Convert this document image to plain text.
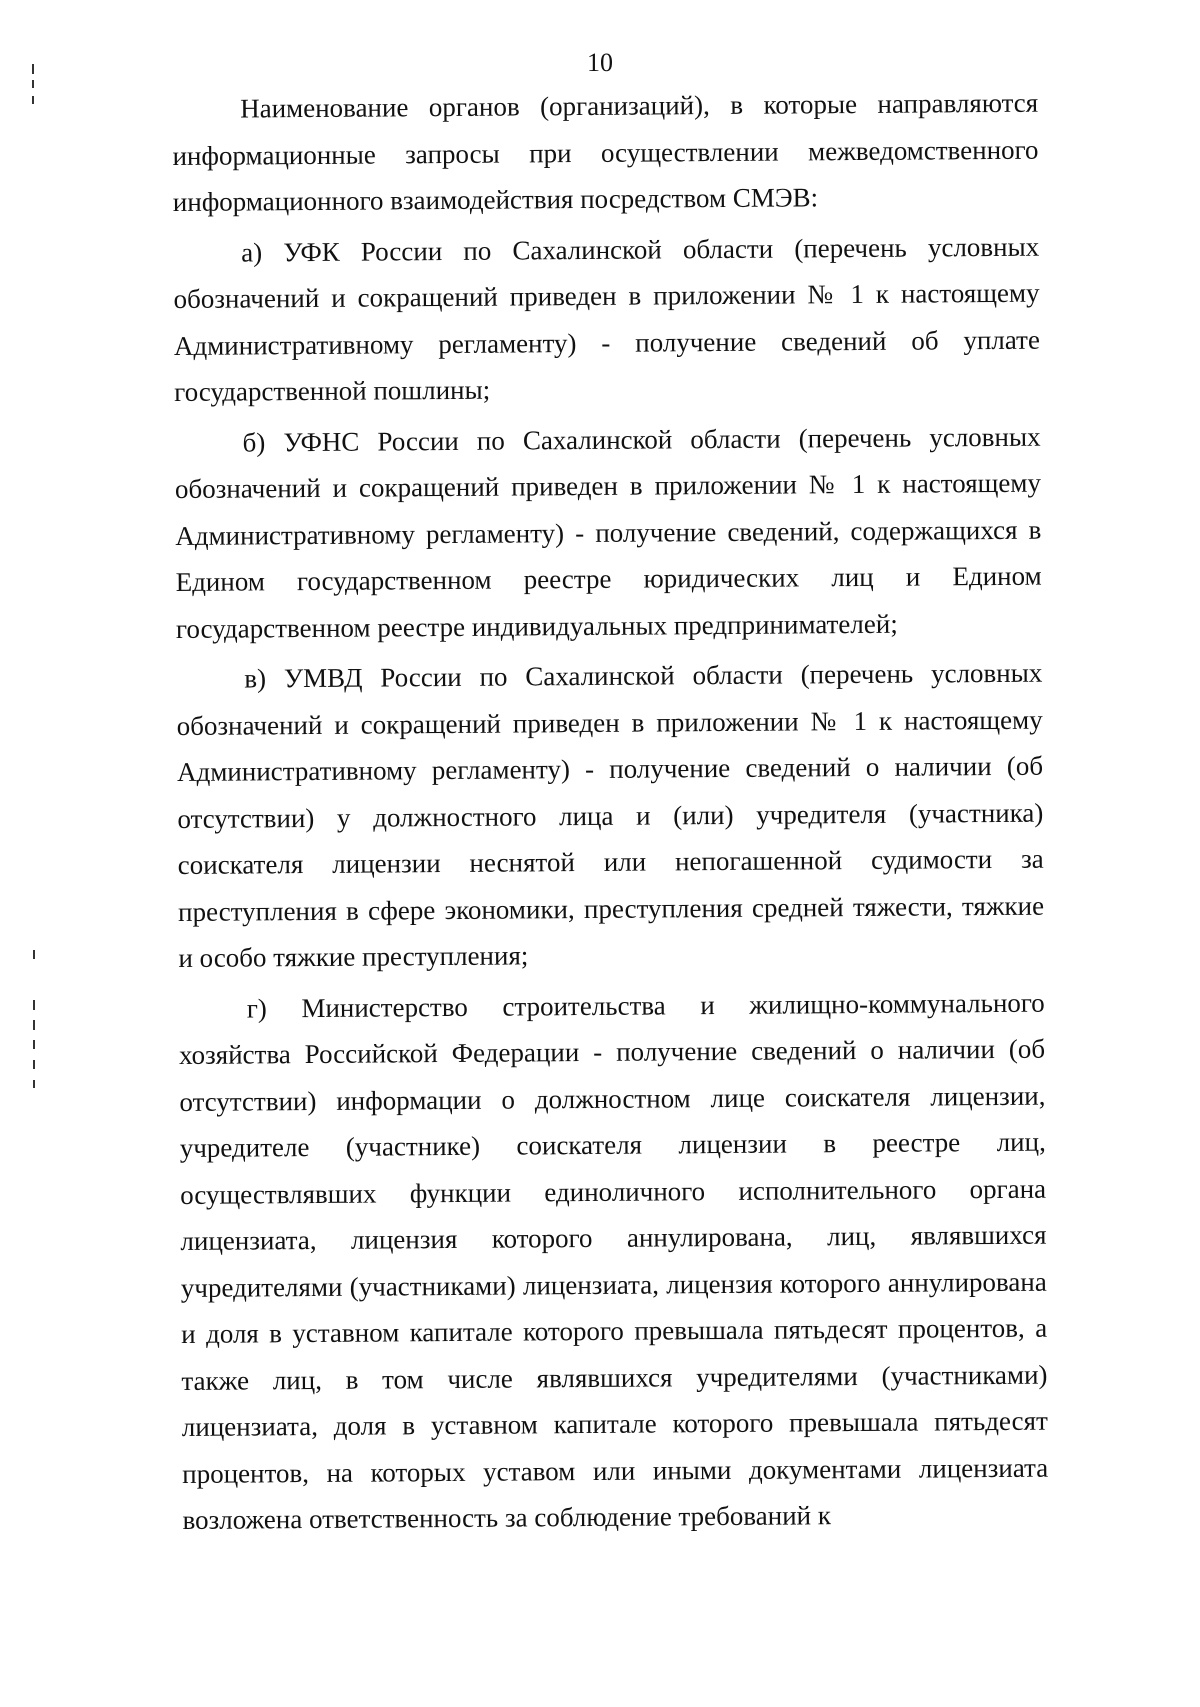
10

Наименование органов (организаций), в которые направляются информационные запросы при осуществлении межведомственного информационного взаимодействия посредством СМЭВ:

а) УФК России по Сахалинской области (перечень условных обозначений и сокращений приведен в приложении № 1 к настоящему Административному регламенту) - получение сведений об уплате государственной пошлины;

б) УФНС России по Сахалинской области (перечень условных обозначений и сокращений приведен в приложении № 1 к настоящему Административному регламенту) - получение сведений, содержащихся в Едином государственном реестре юридических лиц и Едином государственном реестре индивидуальных предпринимателей;

в) УМВД России по Сахалинской области (перечень условных обозначений и сокращений приведен в приложении № 1 к настоящему Административному регламенту) - получение сведений о наличии (об отсутствии) у должностного лица и (или) учредителя (участника) соискателя лицензии неснятой или непогашенной судимости за преступления в сфере экономики, преступления средней тяжести, тяжкие и особо тяжкие преступления;

г) Министерство строительства и жилищно-коммунального хозяйства Российской Федерации - получение сведений о наличии (об отсутствии) информации о должностном лице соискателя лицензии, учредителе (участнике) соискателя лицензии в реестре лиц, осуществлявших функции единоличного исполнительного органа лицензиата, лицензия которого аннулирована, лиц, являвшихся учредителями (участниками) лицензиата, лицензия которого аннулирована и доля в уставном капитале которого превышала пятьдесят процентов, а также лиц, в том числе являвшихся учредителями (участниками) лицензиата, доля в уставном капитале которого превышала пятьдесят процентов, на которых уставом или иными документами лицензиата возложена ответственность за соблюдение требований к
